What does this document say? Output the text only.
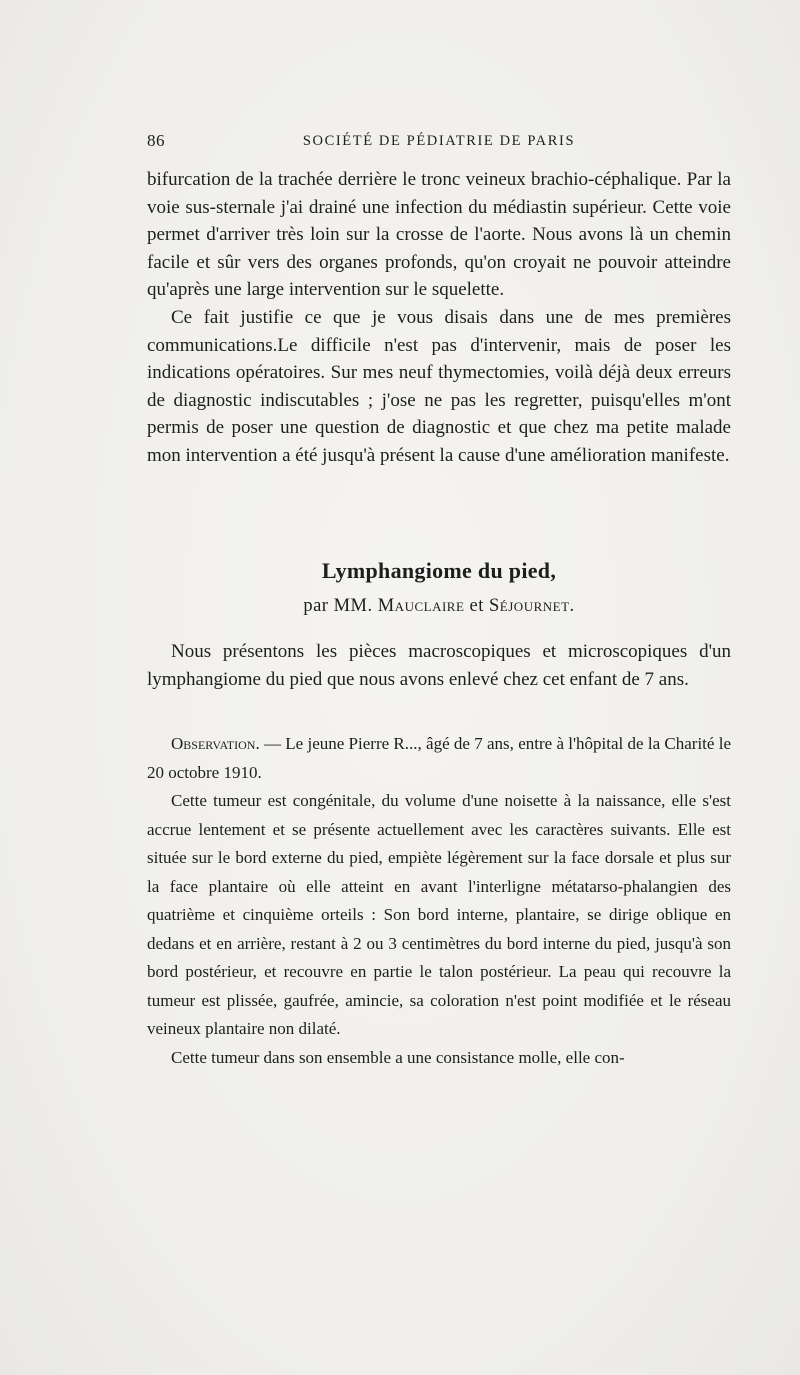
86	SOCIÉTÉ DE PÉDIATRIE DE PARIS

bifurcation de la trachée derrière le tronc veineux brachio-céphalique. Par la voie sus-sternale j'ai drainé une infection du médiastin supérieur. Cette voie permet d'arriver très loin sur la crosse de l'aorte. Nous avons là un chemin facile et sûr vers des organes profonds, qu'on croyait ne pouvoir atteindre qu'après une large intervention sur le squelette.

Ce fait justifie ce que je vous disais dans une de mes premières communications.Le difficile n'est pas d'intervenir, mais de poser les indications opératoires. Sur mes neuf thymectomies, voilà déjà deux erreurs de diagnostic indiscutables ; j'ose ne pas les regretter, puisqu'elles m'ont permis de poser une question de diagnostic et que chez ma petite malade mon intervention a été jusqu'à présent la cause d'une amélioration manifeste.

Lymphangiome du pied,
par MM. Mauclaire et Séjournet.

Nous présentons les pièces macroscopiques et microscopiques d'un lymphangiome du pied que nous avons enlevé chez cet enfant de 7 ans.

Observation. — Le jeune Pierre R..., âgé de 7 ans, entre à l'hôpital de la Charité le 20 octobre 1910.

Cette tumeur est congénitale, du volume d'une noisette à la naissance, elle s'est accrue lentement et se présente actuellement avec les caractères suivants. Elle est située sur le bord externe du pied, empiète légèrement sur la face dorsale et plus sur la face plantaire où elle atteint en avant l'interligne métatarso-phalangien des quatrième et cinquième orteils : Son bord interne, plantaire, se dirige oblique en dedans et en arrière, restant à 2 ou 3 centimètres du bord interne du pied, jusqu'à son bord postérieur, et recouvre en partie le talon postérieur. La peau qui recouvre la tumeur est plissée, gaufrée, amincie, sa coloration n'est point modifiée et le réseau veineux plantaire non dilaté.

Cette tumeur dans son ensemble a une consistance molle, elle con-
